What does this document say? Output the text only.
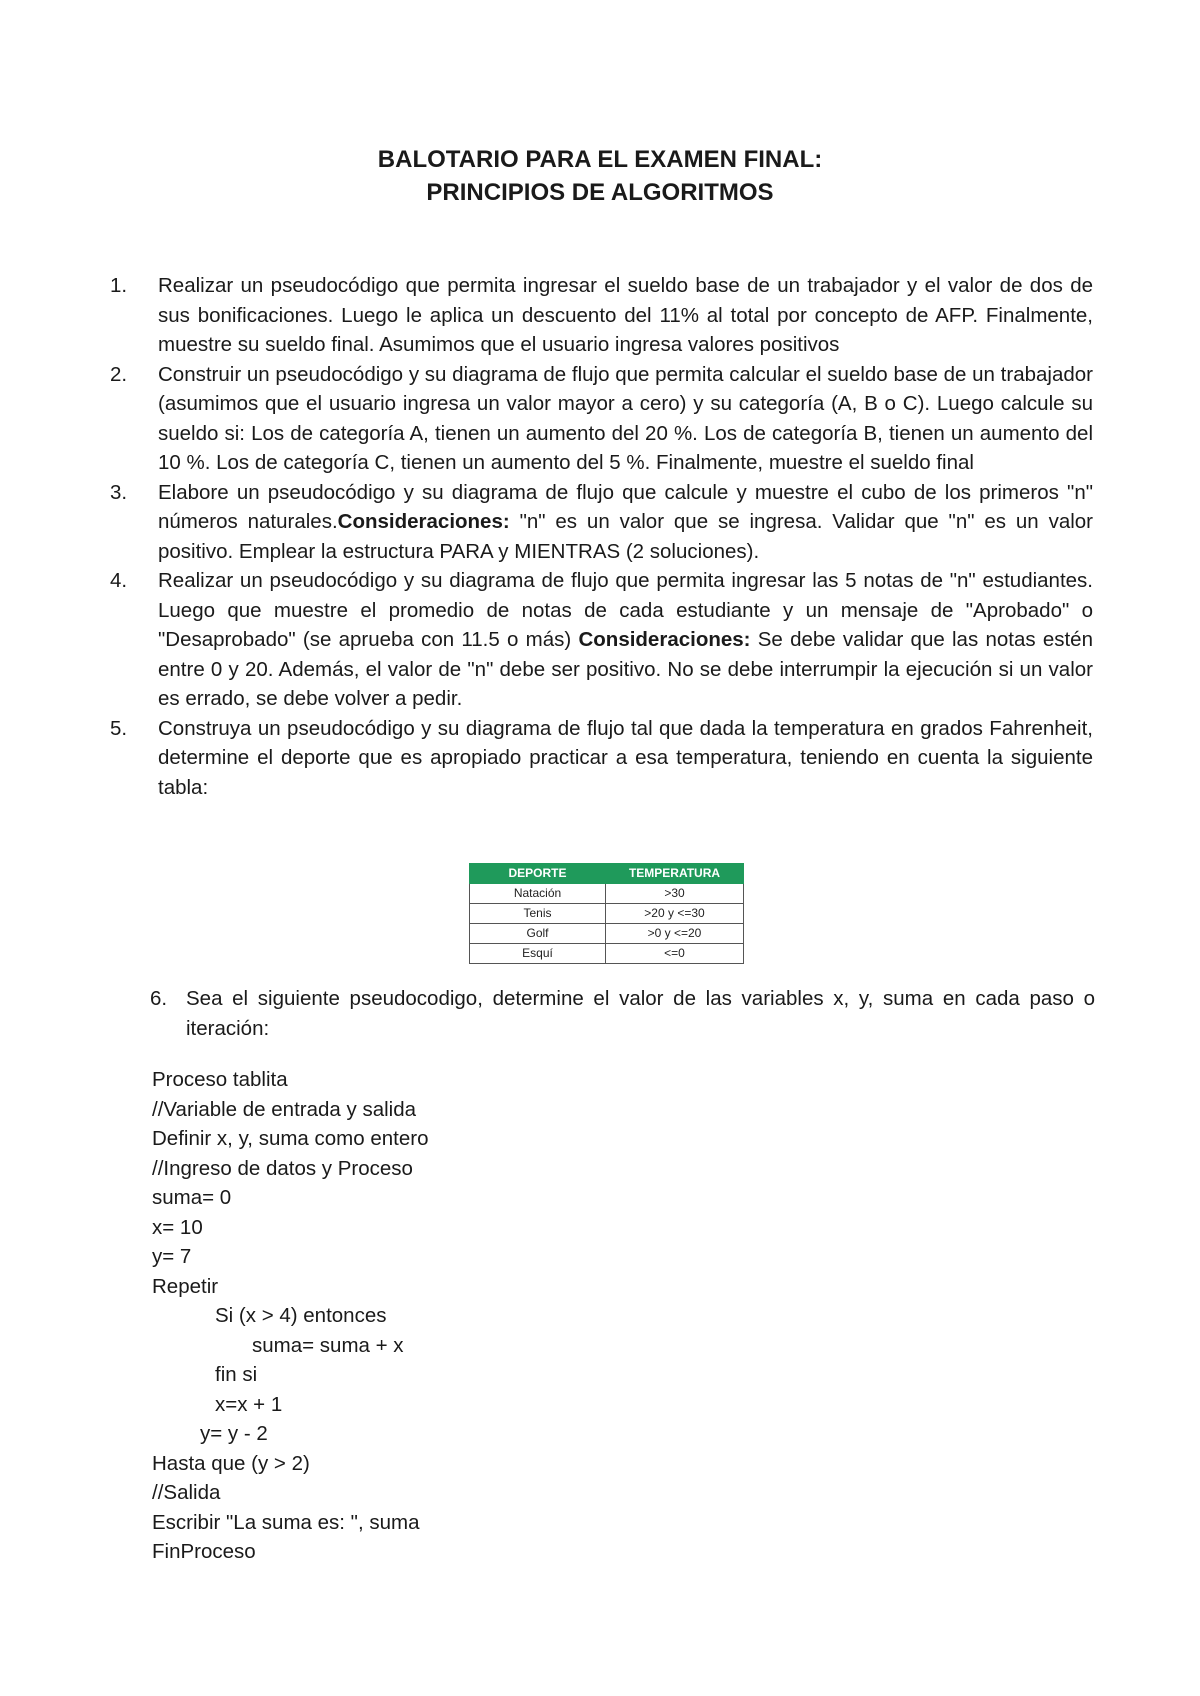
BALOTARIO PARA EL EXAMEN FINAL:
PRINCIPIOS DE ALGORITMOS
1. Realizar un pseudocódigo que permita ingresar el sueldo base de un trabajador y el valor de dos de sus bonificaciones. Luego le aplica un descuento del 11% al total por concepto de AFP. Finalmente, muestre su sueldo final. Asumimos que el usuario ingresa valores positivos
2. Construir un pseudocódigo y su diagrama de flujo que permita calcular el sueldo base de un trabajador (asumimos que el usuario ingresa un valor mayor a cero) y su categoría (A, B o C). Luego calcule su sueldo si: Los de categoría A, tienen un aumento del 20 %. Los de categoría B, tienen un aumento del 10 %. Los de categoría C, tienen un aumento del 5 %. Finalmente, muestre el sueldo final
3. Elabore un pseudocódigo y su diagrama de flujo que calcule y muestre el cubo de los primeros "n" números naturales.Consideraciones: "n" es un valor que se ingresa. Validar que "n" es un valor positivo. Emplear la estructura PARA y MIENTRAS (2 soluciones).
4. Realizar un pseudocódigo y su diagrama de flujo que permita ingresar las 5 notas de "n" estudiantes. Luego que muestre el promedio de notas de cada estudiante y un mensaje de "Aprobado" o "Desaprobado" (se aprueba con 11.5 o más) Consideraciones: Se debe validar que las notas estén entre 0 y 20. Además, el valor de "n" debe ser positivo. No se debe interrumpir la ejecución si un valor es errado, se debe volver a pedir.
5. Construya un pseudocódigo y su diagrama de flujo tal que dada la temperatura en grados Fahrenheit, determine el deporte que es apropiado practicar a esa temperatura, teniendo en cuenta la siguiente tabla:
DEPORTE	TEMPERATURA
Natación	>30
Tenis	>20 y <=30
Golf	>0 y <=20
Esquí	<=0
6. Sea el siguiente pseudocodigo, determine el valor de las variables x, y, suma en cada paso o iteración:
Proceso tablita
//Variable de entrada y salida
Definir x, y, suma como entero
//Ingreso de datos y Proceso
suma= 0
x= 10
y= 7
Repetir
Si (x > 4) entonces
suma= suma + x
fin si
x=x + 1
y= y - 2
Hasta que (y > 2)
//Salida
Escribir "La suma es: ", suma
FinProceso
